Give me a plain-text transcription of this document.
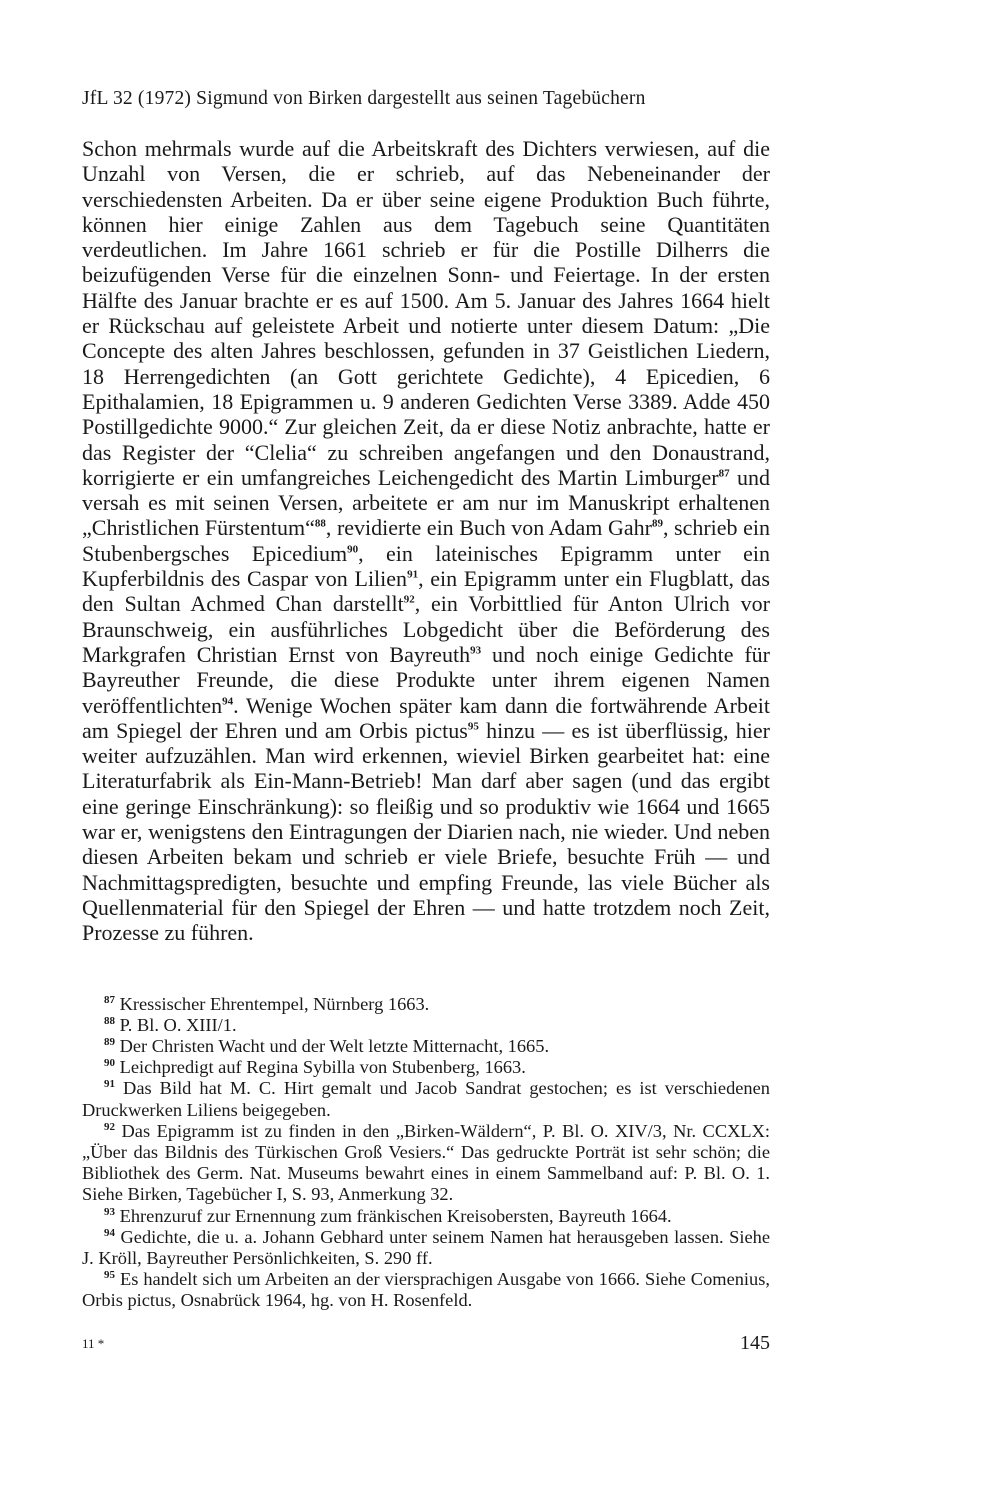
JfL 32 (1972) Sigmund von Birken dargestellt aus seinen Tagebüchern
Schon mehrmals wurde auf die Arbeitskraft des Dichters verwiesen, auf die Unzahl von Versen, die er schrieb, auf das Nebeneinander der verschiedensten Arbeiten. Da er über seine eigene Produktion Buch führte, können hier einige Zahlen aus dem Tagebuch seine Quantitäten verdeutlichen. Im Jahre 1661 schrieb er für die Postille Dilherrs die beizufügenden Verse für die einzelnen Sonn- und Feiertage. In der ersten Hälfte des Januar brachte er es auf 1500. Am 5. Januar des Jahres 1664 hielt er Rückschau auf geleistete Arbeit und notierte unter diesem Datum: „Die Concepte des alten Jahres beschlossen, gefunden in 37 Geistlichen Liedern, 18 Herrengedichten (an Gott gerichtete Gedichte), 4 Epicedien, 6 Epithalamien, 18 Epigrammen u. 9 anderen Gedichten Verse 3389. Adde 450 Postillgedichte 9000.“ Zur gleichen Zeit, da er diese Notiz anbrachte, hatte er das Register der “Clelia“ zu schreiben angefangen und den Donaustrand, korrigierte er ein umfangreiches Leichengedicht des Martin Limburger$^{87}$ und versah es mit seinen Versen, arbeitete er am nur im Manuskript erhaltenen „Christlichen Fürstentum“$^{88}$, revidierte ein Buch von Adam Gahr$^{89}$, schrieb ein Stubenbergsches Epicedium$^{90}$, ein lateinisches Epigramm unter ein Kupferbildnis des Caspar von Lilien$^{91}$, ein Epigramm unter ein Flugblatt, das den Sultan Achmed Chan darstellt$^{92}$, ein Vorbittlied für Anton Ulrich vor Braunschweig, ein ausführliches Lobgedicht über die Beförderung des Markgrafen Christian Ernst von Bayreuth$^{93}$ und noch einige Gedichte für Bayreuther Freunde, die diese Produkte unter ihrem eigenen Namen veröffentlichten$^{94}$. Wenige Wochen später kam dann die fortwährende Arbeit am Spiegel der Ehren und am Orbis pictus$^{95}$ hinzu — es ist überflüssig, hier weiter aufzuzählen. Man wird erkennen, wieviel Birken gearbeitet hat: eine Literaturfabrik als Ein-Mann-Betrieb! Man darf aber sagen (und das ergibt eine geringe Einschränkung): so fleißig und so produktiv wie 1664 und 1665 war er, wenigstens den Eintragungen der Diarien nach, nie wieder. Und neben diesen Arbeiten bekam und schrieb er viele Briefe, besuchte Früh — und Nachmittagspredigten, besuchte und empfing Freunde, las viele Bücher als Quellenmaterial für den Spiegel der Ehren — und hatte trotzdem noch Zeit, Prozesse zu führen.
$^{87}$ Kressischer Ehrentempel, Nürnberg 1663.
$^{88}$ P. Bl. O. XIII/1.
$^{89}$ Der Christen Wacht und der Welt letzte Mitternacht, 1665.
$^{90}$ Leichpredigt auf Regina Sybilla von Stubenberg, 1663.
$^{91}$ Das Bild hat M. C. Hirt gemalt und Jacob Sandrat gestochen; es ist verschiedenen Druckwerken Liliens beigegeben.
$^{92}$ Das Epigramm ist zu finden in den „Birken-Wäldern“, P. Bl. O. XIV/3, Nr. CCXLX: „Über das Bildnis des Türkischen Groß Vesiers.“ Das gedruckte Porträt ist sehr schön; die Bibliothek des Germ. Nat. Museums bewahrt eines in einem Sammelband auf: P. Bl. O. 1. Siehe Birken, Tagebücher I, S. 93, Anmerkung 32.
$^{93}$ Ehrenzuruf zur Ernennung zum fränkischen Kreisobersten, Bayreuth 1664.
$^{94}$ Gedichte, die u. a. Johann Gebhard unter seinem Namen hat herausgeben lassen. Siehe J. Kröll, Bayreuther Persönlichkeiten, S. 290 ff.
$^{95}$ Es handelt sich um Arbeiten an der viersprachigen Ausgabe von 1666. Siehe Comenius, Orbis pictus, Osnabrück 1964, hg. von H. Rosenfeld.
11 *	145
